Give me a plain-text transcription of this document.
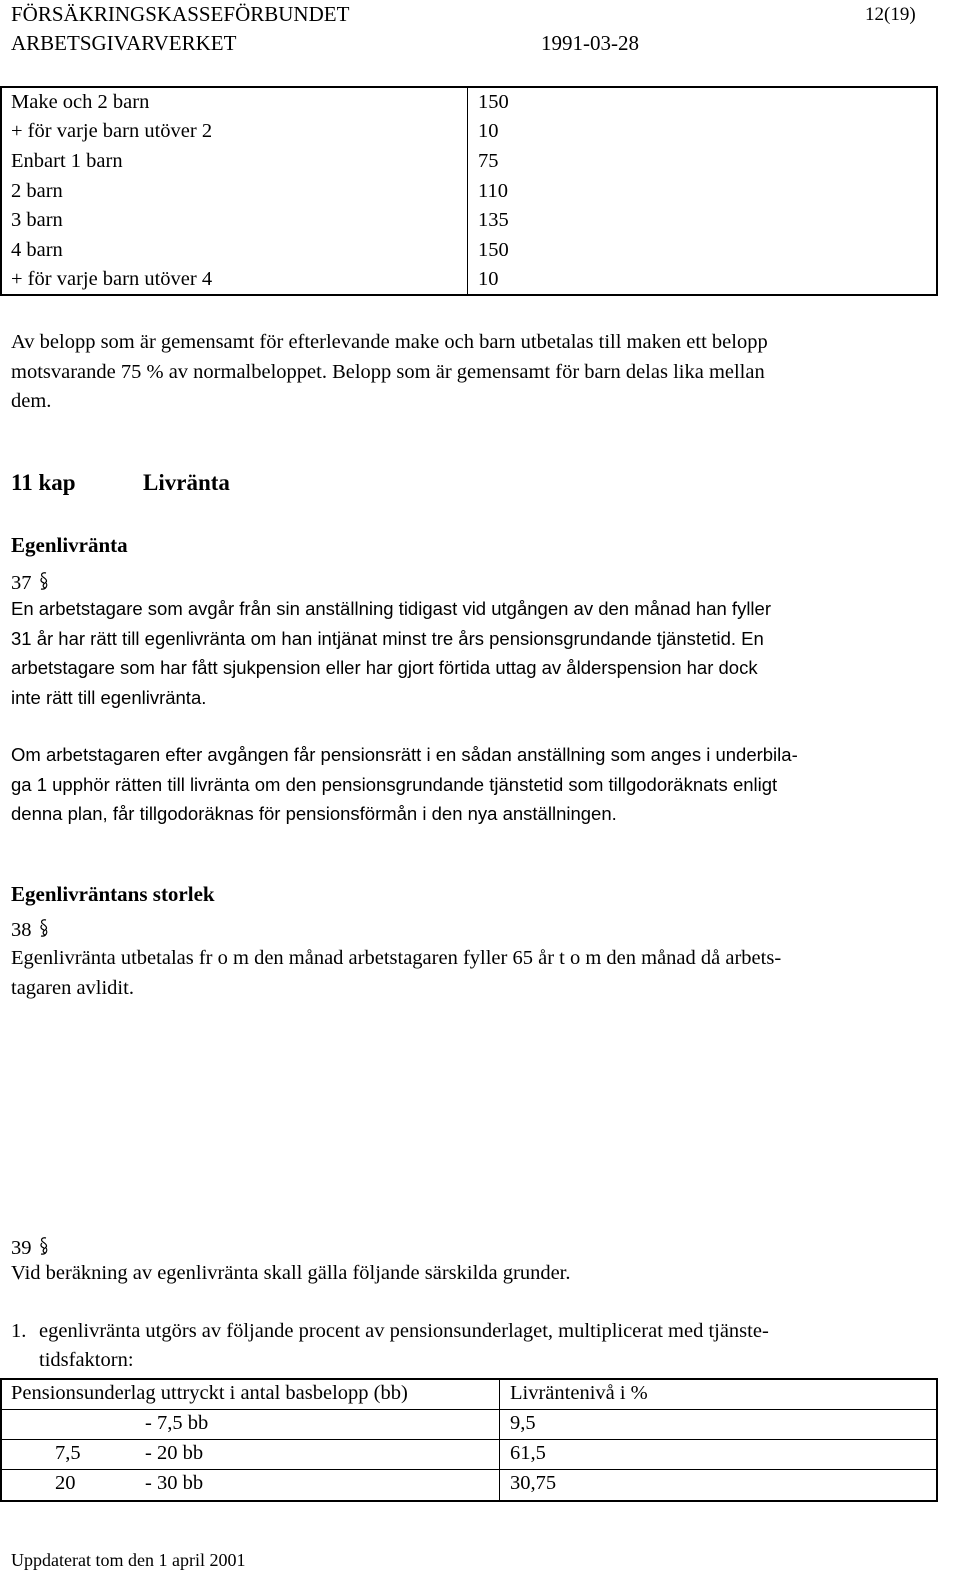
FÖRSÄKRINGSKASSEFÖRBUNDET
ARBETSGIVARVERKET	1991-03-28
12(19)
Make och 2 barn	150
+ för varje barn utöver 2	10
Enbart 1 barn	75
2 barn	110
3 barn	135
4 barn	150
+ för varje barn utöver 4	10
Av belopp som är gemensamt för efterlevande make och barn utbetalas till maken ett belopp
motsvarande 75 % av normalbeloppet. Belopp som är gemensamt för barn delas lika mellan
dem.
11 kap	Livränta
Egenlivränta
37
En arbetstagare som avgår från sin anställning tidigast vid utgången av den månad han fyller
31 år har rätt till egenlivränta om han intjänat minst tre års pensionsgrundande tjänstetid. En
arbetstagare som har fått sjukpension eller har gjort förtida uttag av ålderspension har dock
inte rätt till egenlivränta.
Om arbetstagaren efter avgången får pensionsrätt i en sådan anställning som anges i underbila-
ga 1 upphör rätten till livränta om den pensionsgrundande tjänstetid som tillgodoräknats enligt
denna plan, får tillgodoräknas för pensionsförmån i den nya anställningen.
Egenlivräntans storlek
38
Egenlivränta utbetalas fr o m den månad arbetstagaren fyller 65 år t o m den månad då arbets-
tagaren avlidit.
39
Vid beräkning av egenlivränta skall gälla följande särskilda grunder.
1. egenlivränta utgörs av följande procent av pensionsunderlaget, multiplicerat med tjänste-
tidsfaktorn:
Pensionsunderlag uttryckt i antal basbelopp (bb)	Livräntenivå i %
- 7,5 bb	9,5
7,5	- 20 bb	61,5
20	- 30 bb	30,75
Uppdaterat tom den 1 april 2001
